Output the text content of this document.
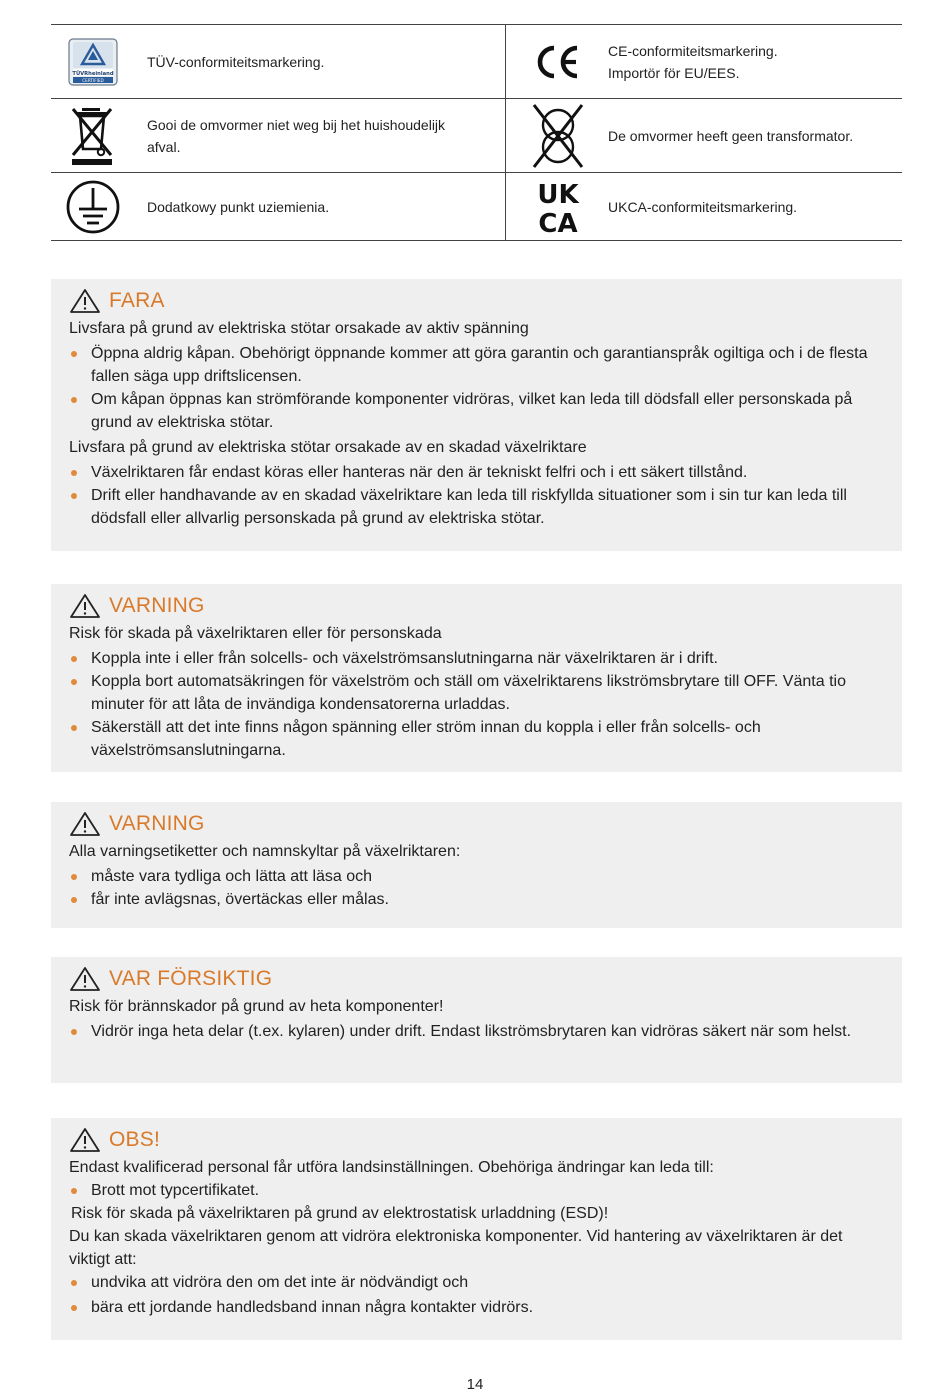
TÜVRheinland
CERTIFIED
TÜV-conformiteitsmarkering.
CE-conformiteitsmarkering.
Importör för EU/EES.
Gooi de omvormer niet weg bij het huishoudelijk
afval.
De omvormer heeft geen transformator.
Dodatkowy punkt uziemienia.	UK
CA
UKCA-conformiteitsmarkering.
FARA
Livsfara på grund av elektriska stötar orsakade av aktiv spänning
Öppna aldrig kåpan. Obehörigt öppnande kommer att göra garantin och garantianspråk ogiltiga och i de flesta fallen säga upp driftslicensen.
Om kåpan öppnas kan strömförande komponenter vidröras, vilket kan leda till dödsfall eller personskada på grund av elektriska stötar.
Livsfara på grund av elektriska stötar orsakade av en skadad växelriktare
Växelriktaren får endast köras eller hanteras när den är tekniskt felfri och i ett säkert tillstånd.
Drift eller handhavande av en skadad växelriktare kan leda till riskfyllda situationer som i sin tur kan leda till dödsfall eller allvarlig personskada på grund av elektriska stötar.
VARNING
Risk för skada på växelriktaren eller för personskada
Koppla inte i eller från solcells- och växelströmsanslutningarna när växelriktaren är i drift.
Koppla bort automatsäkringen för växelström och ställ om växelriktarens likströmsbrytare till OFF. Vänta tio minuter för att låta de invändiga kondensatorerna urladdas.
Säkerställ att det inte finns någon spänning eller ström innan du koppla i eller från solcells- och växelströmsanslutningarna.
VARNING
Alla varningsetiketter och namnskyltar på växelriktaren:
måste vara tydliga och lätta att läsa och
får inte avlägsnas, övertäckas eller målas.
VAR FÖRSIKTIG
Risk för brännskador på grund av heta komponenter!
Vidrör inga heta delar (t.ex. kylaren) under drift. Endast likströmsbrytaren kan vidröras säkert när som helst.
OBS!
Endast kvalificerad personal får utföra landsinställningen. Obehöriga ändringar kan leda till:
Brott mot typcertifikatet.
Risk för skada på växelriktaren på grund av elektrostatisk urladdning (ESD)!
Du kan skada växelriktaren genom att vidröra elektroniska komponenter. Vid hantering av växelriktaren är det viktigt att:
undvika att vidröra den om det inte är nödvändigt och
bära ett jordande handledsband innan några kontakter vidrörs.
14
